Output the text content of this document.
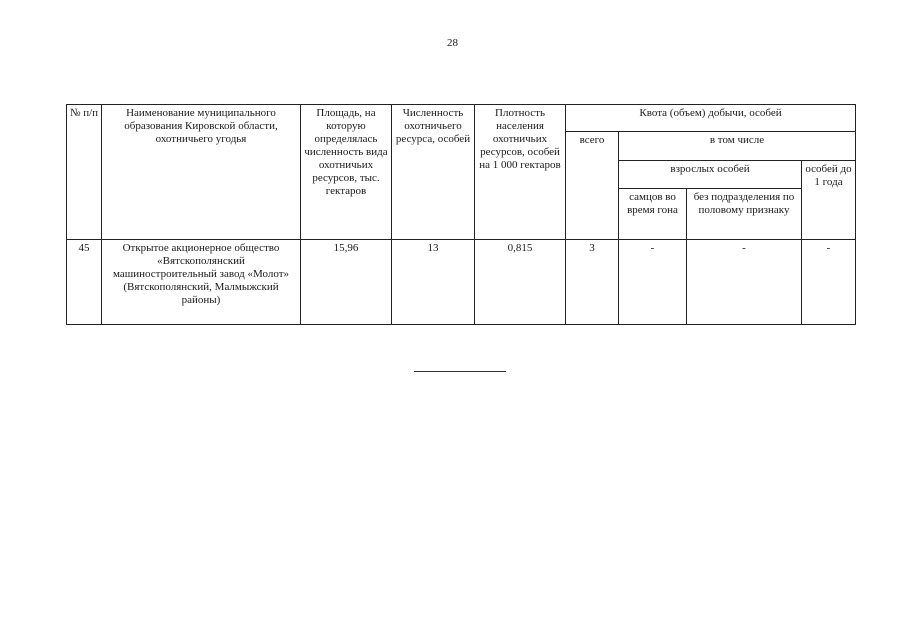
28
№ п/п	Наименование муниципального образования Кировской области, охотничьего угодья	Площадь, на которую определялась численность вида охотничьих ресурсов, тыс. гектаров	Численность охотничьего ресурса, особей	Плотность населения охотничьих ресурсов, особей на 1 000 гектаров	Квота (объем) добычи, особей			
					всего	в том числе		
						взрослых особей		особей до 1 года
						самцов во время гона	без подразделения по половому признаку	
45	Открытое акционерное общество «Вятскополянский машиностроительный завод «Молот» (Вятскополянский, Малмыжский районы)	15,96	13	0,815	3	-	-	-
